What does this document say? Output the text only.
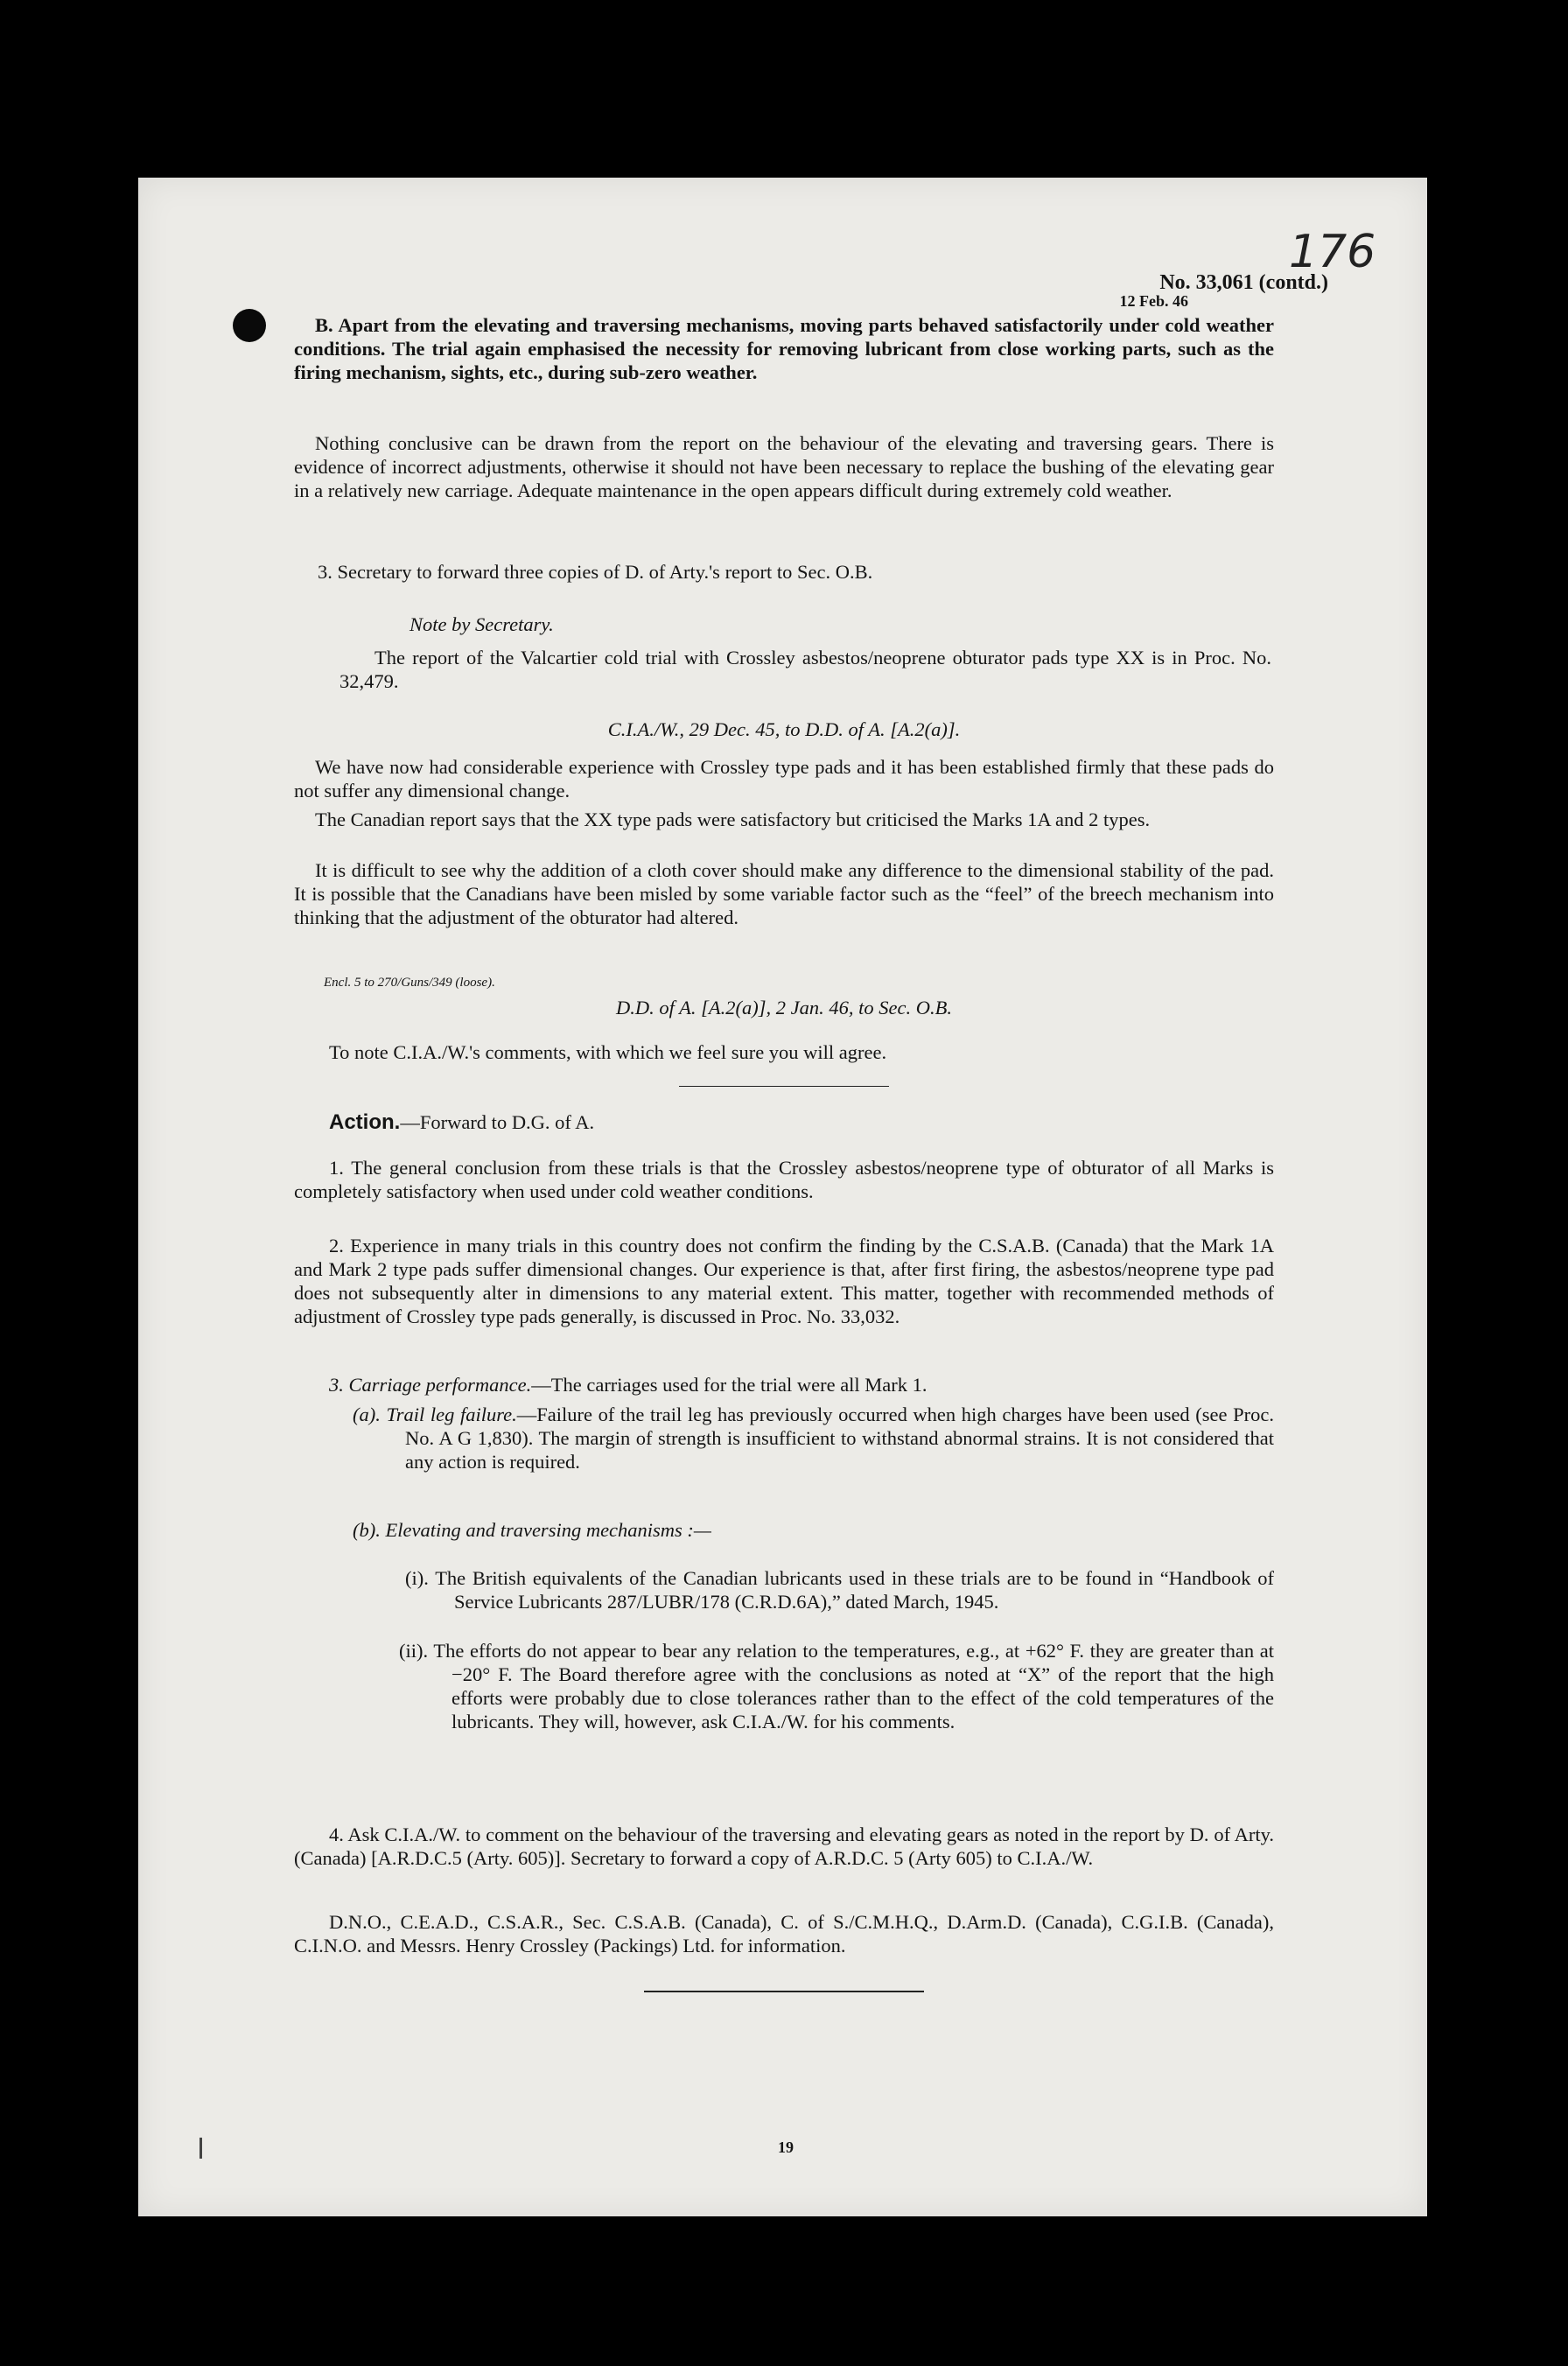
176
No. 33,061 (contd.)
12 Feb. 46

B. Apart from the elevating and traversing mechanisms, moving parts behaved satisfactorily under cold weather conditions. The trial again emphasised the necessity for removing lubricant from close working parts, such as the firing mechanism, sights, etc., during sub-zero weather.

Nothing conclusive can be drawn from the report on the behaviour of the elevating and traversing gears. There is evidence of incorrect adjustments, otherwise it should not have been necessary to replace the bushing of the elevating gear in a relatively new carriage. Adequate maintenance in the open appears difficult during extremely cold weather.

3. Secretary to forward three copies of D. of Arty.'s report to Sec. O.B.

Note by Secretary.

The report of the Valcartier cold trial with Crossley asbestos/neoprene obturator pads type XX is in Proc. No. 32,479.

C.I.A./W., 29 Dec. 45, to D.D. of A. [A.2(a)].

We have now had considerable experience with Crossley type pads and it has been established firmly that these pads do not suffer any dimensional change.

The Canadian report says that the XX type pads were satisfactory but criticised the Marks 1A and 2 types.

It is difficult to see why the addition of a cloth cover should make any difference to the dimensional stability of the pad. It is possible that the Canadians have been misled by some variable factor such as the “feel” of the breech mechanism into thinking that the adjustment of the obturator had altered.

Encl. 5 to 270/Guns/349 (loose).

D.D. of A. [A.2(a)], 2 Jan. 46, to Sec. O.B.

To note C.I.A./W.'s comments, with which we feel sure you will agree.

Action.—Forward to D.G. of A.

1. The general conclusion from these trials is that the Crossley asbestos/neoprene type of obturator of all Marks is completely satisfactory when used under cold weather conditions.

2. Experience in many trials in this country does not confirm the finding by the C.S.A.B. (Canada) that the Mark 1A and Mark 2 type pads suffer dimensional changes. Our experience is that, after first firing, the asbestos/neoprene type pad does not subsequently alter in dimensions to any material extent. This matter, together with recommended methods of adjustment of Crossley type pads generally, is discussed in Proc. No. 33,032.

3. Carriage performance.—The carriages used for the trial were all Mark 1.

(a). Trail leg failure.—Failure of the trail leg has previously occurred when high charges have been used (see Proc. No. A G 1,830). The margin of strength is insufficient to withstand abnormal strains. It is not considered that any action is required.

(b). Elevating and traversing mechanisms :—

(i). The British equivalents of the Canadian lubricants used in these trials are to be found in “Handbook of Service Lubricants 287/LUBR/178 (C.R.D.6A),” dated March, 1945.

(ii). The efforts do not appear to bear any relation to the temperatures, e.g., at +62° F. they are greater than at −20° F. The Board therefore agree with the conclusions as noted at “X” of the report that the high efforts were probably due to close tolerances rather than to the effect of the cold temperatures of the lubricants. They will, however, ask C.I.A./W. for his comments.

4. Ask C.I.A./W. to comment on the behaviour of the traversing and elevating gears as noted in the report by D. of Arty. (Canada) [A.R.D.C.5 (Arty. 605)]. Secretary to forward a copy of A.R.D.C. 5 (Arty 605) to C.I.A./W.

D.N.O., C.E.A.D., C.S.A.R., Sec. C.S.A.B. (Canada), C. of S./C.M.H.Q., D.Arm.D. (Canada), C.G.I.B. (Canada), C.I.N.O. and Messrs. Henry Crossley (Packings) Ltd. for information.

19
